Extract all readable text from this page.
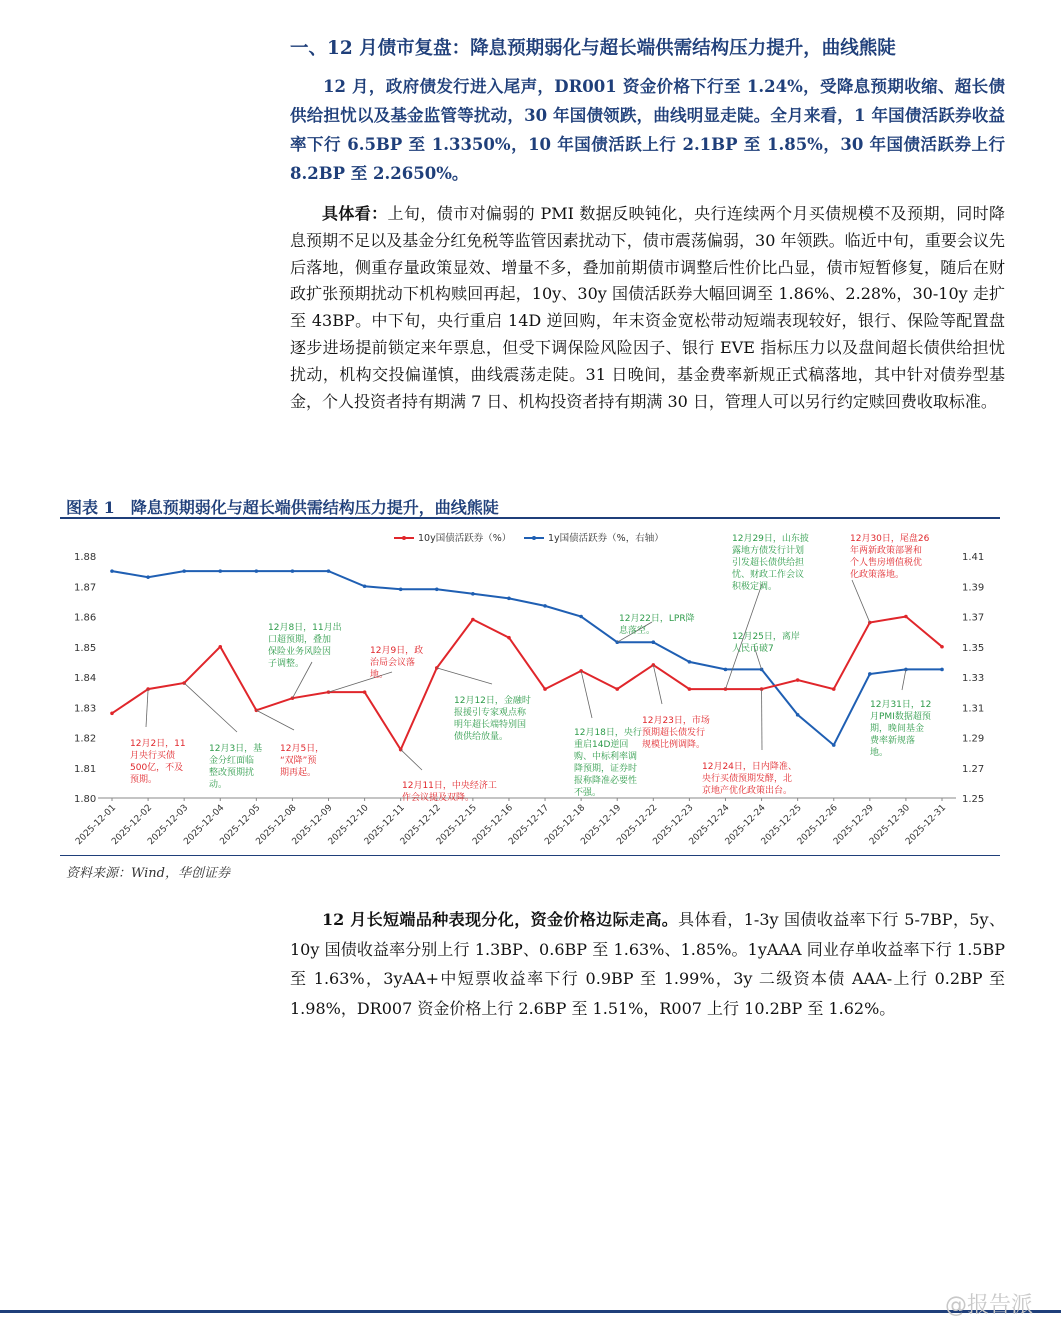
一、12 月债市复盘：降息预期弱化与超长端供需结构压力提升，曲线熊陡

12 月，政府债发行进入尾声，DR001 资金价格下行至 1.24%，受降息预期收缩、超长债供给担忧以及基金监管等扰动，30 年国债领跌，曲线明显走陡。全月来看，1 年国债活跃券收益率下行 6.5BP 至 1.3350%，10 年国债活跃上行 2.1BP 至 1.85%，30 年国债活跃券上行 8.2BP 至 2.2650%。

具体看：上旬，债市对偏弱的 PMI 数据反映钝化，央行连续两个月买债规模不及预期，同时降息预期不足以及基金分红免税等监管因素扰动下，债市震荡偏弱，30 年领跌。临近中旬，重要会议先后落地，侧重存量政策显效、增量不多，叠加前期债市调整后性价比凸显，债市短暂修复，随后在财政扩张预期扰动下机构赎回再起，10y、30y 国债活跃券大幅回调至 1.86%、2.28%，30-10y 走扩至 43BP。中下旬，央行重启 14D 逆回购，年末资金宽松带动短端表现较好，银行、保险等配置盘逐步进场提前锁定来年票息，但受下调保险风险因子、银行 EVE 指标压力以及盘间超长债供给担忧扰动，机构交投偏谨慎，曲线震荡走陡。31 日晚间，基金费率新规正式稿落地，其中针对债券型基金，个人投资者持有期满 7 日、机构投资者持有期满 30 日，管理人可以另行约定赎回费收取标准。

图表 1　降息预期弱化与超长端供需结构压力提升，曲线熊陡
1.80
1.81
1.82
1.83
1.84
1.85
1.86
1.87
1.88
1.25
1.27
1.29
1.31
1.33
1.35
1.37
1.39
1.41
2025-12-01
2025-12-02
2025-12-03
2025-12-04
2025-12-05
2025-12-08
2025-12-09
2025-12-10
2025-12-11
2025-12-12
2025-12-15
2025-12-16
2025-12-17
2025-12-18
2025-12-19
2025-12-22
2025-12-23
2025-12-24
2025-12-24
2025-12-25
2025-12-26
2025-12-29
2025-12-30
2025-12-31
10y国债活跃券（%）	1y国债活跃券（%，右轴）
12月2日，11 月央行买债 500亿，不及预期。
12月3日，基金分红面临整改预期扰动。
12月5日，“双降”预期再起。
12月8日，11月出口超预期，叠加保险业务风险因子调整。
12月9日，政治局会议落地。
12月11日，中央经济工作会议提及双降。
12月12日，金融时报援引专家观点称明年超长端特别国债供给放量。	12月18日，央行重启14D逆回购、中标利率调降预期，证券时报称降准必要性不强。
12月22日，LPR降息落空。
12月23日，市场预期超长债发行规模比例调降。
12月29日，山东披露地方债发行计划引发超长债供给担忧、财政工作会议积极定调。
12月25日，离岸人民币破7
12月24日，日内降准、央行买债预期发酵，北京地产优化政策出台。
12月30日，尾盘26 年两新政策部署和个人售房增值税优化政策落地。
12月31日，12 月PMI数据超预期，晚间基金费率新规落地。
资料来源：Wind，华创证券

12 月长短端品种表现分化，资金价格边际走高。具体看，1-3y 国债收益率下行 5-7BP，5y、10y 国债收益率分别上行 1.3BP、0.6BP 至 1.63%、1.85%。1yAAA 同业存单收益率下行 1.5BP 至 1.63%，3yAA+中短票收益率下行 0.9BP 至 1.99%，3y 二级资本债 AAA-上行 0.2BP 至 1.98%，DR007 资金价格上行 2.6BP 至 1.51%，R007 上行 10.2BP 至 1.62%。

@报告派
